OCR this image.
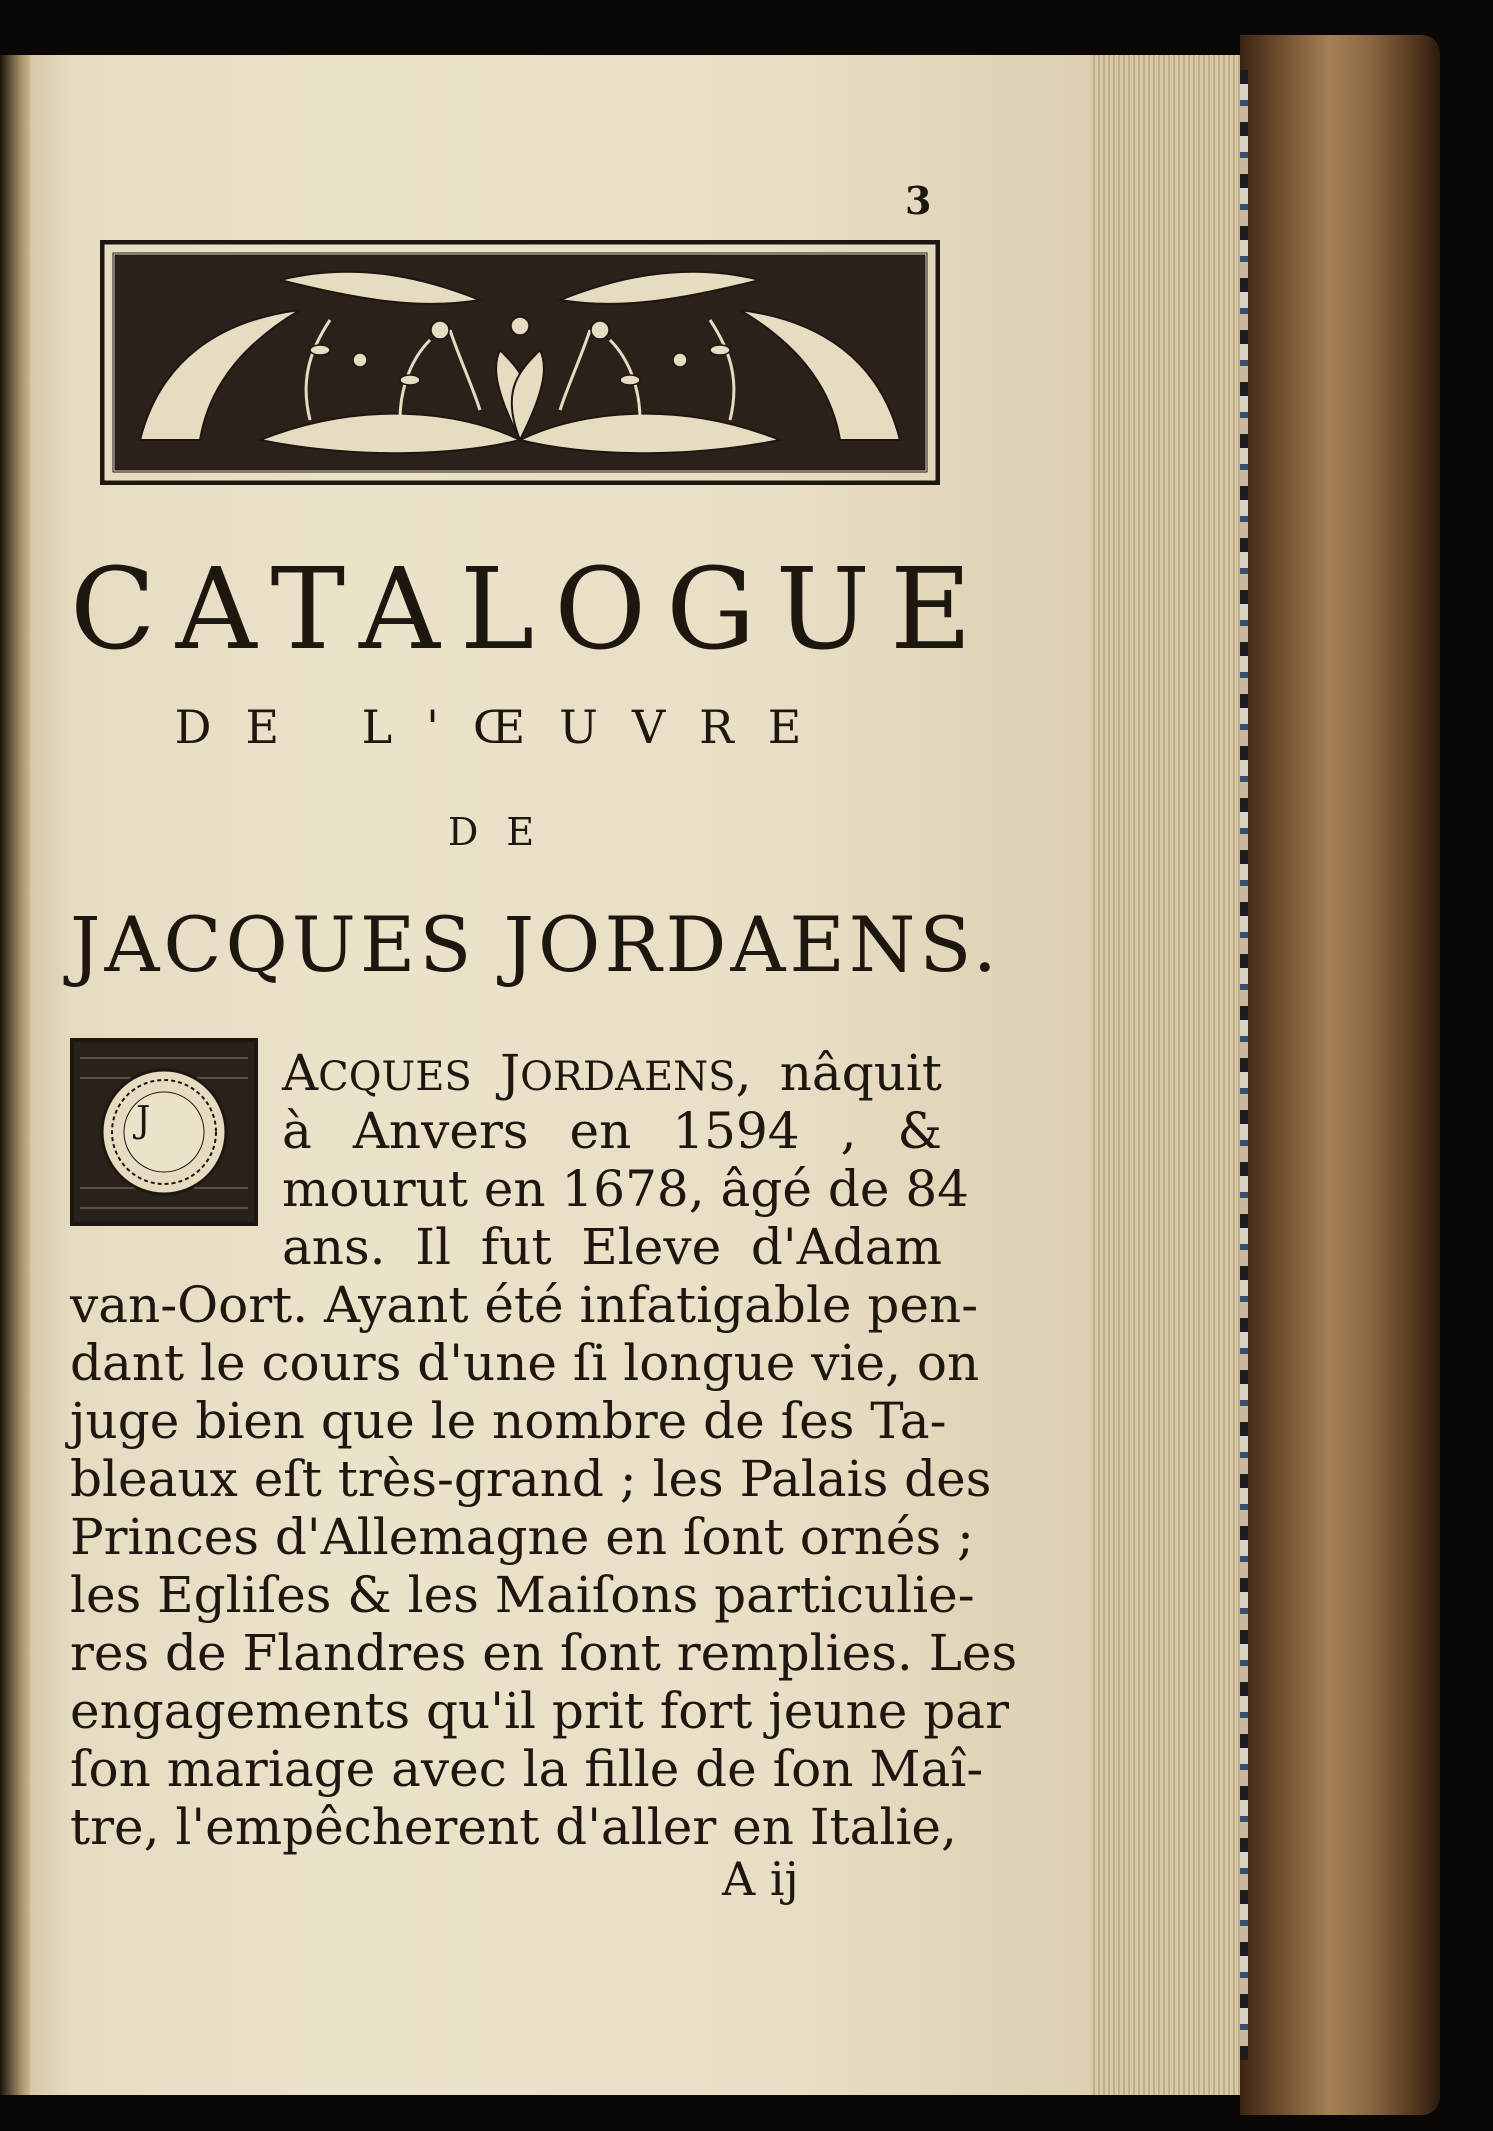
3
CATALOGUE
DE L'ŒUVRE
DE
JACQUES JORDAENS.
J
ACQUES JORDAENS, nâquit
à Anvers en 1594 , &
mourut en 1678, âgé de 84
ans. Il fut Eleve d'Adam
van-Oort. Ayant été infatigable pen-
dant le cours d'une ſi longue vie, on
juge bien que le nombre de ſes Ta-
bleaux eſt très-grand ; les Palais des
Princes d'Allemagne en ſont ornés ;
les Egliſes & les Maiſons particulie-
res de Flandres en ſont remplies. Les
engagements qu'il prit fort jeune par
ſon mariage avec la fille de ſon Maî-
tre, l'empêcherent d'aller en Italie,
A ij
